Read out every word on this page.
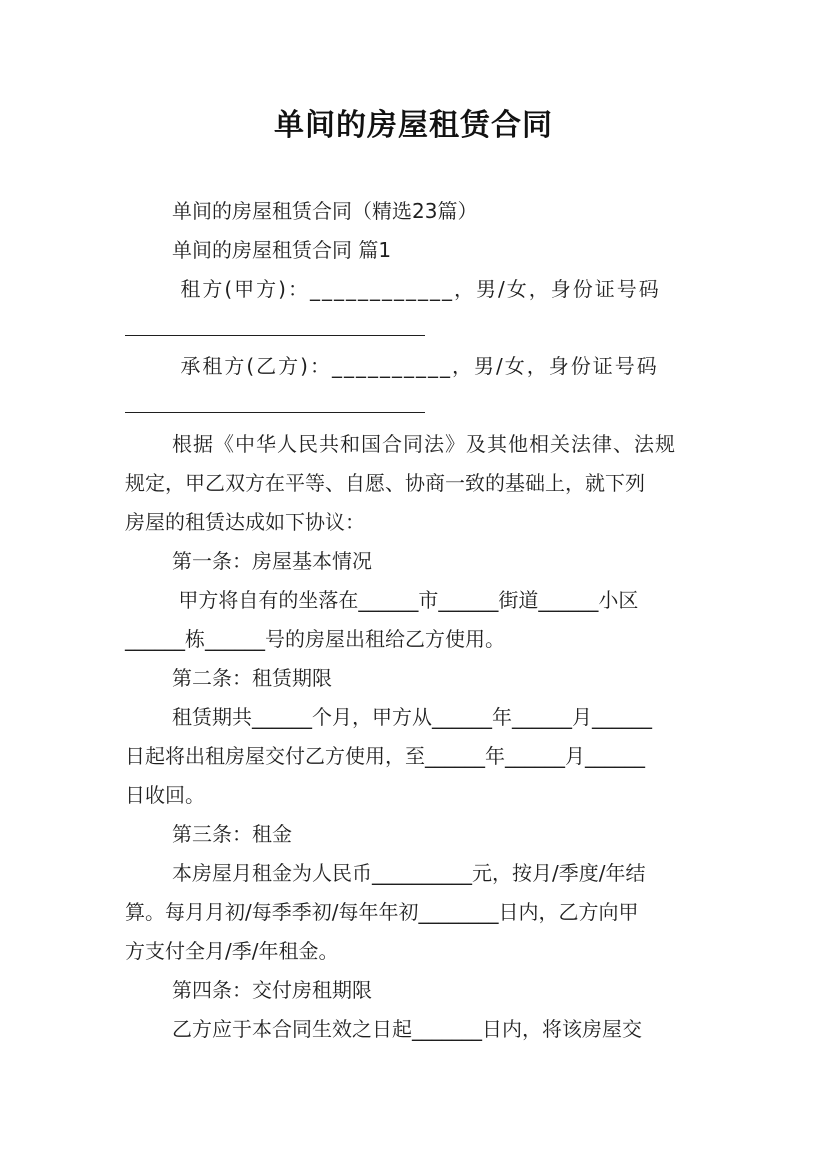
单间的房屋租赁合同
单间的房屋租赁合同（精选23篇）
单间的房屋租赁合同 篇1
租方(甲方)：____________，男/女，身份证号码
承租方(乙方)：__________，男/女，身份证号码
根据《中华人民共和国合同法》及其他相关法律、法规
规定，甲乙双方在平等、自愿、协商一致的基础上，就下列
房屋的租赁达成如下协议：
第一条：房屋基本情况
甲方将自有的坐落在______市______街道______小区
______栋______号的房屋出租给乙方使用。
第二条：租赁期限
租赁期共______个月，甲方从______年______月______
日起将出租房屋交付乙方使用，至______年______月______
日收回。
第三条：租金
本房屋月租金为人民币__________元，按月/季度/年结
算。每月月初/每季季初/每年年初________日内，乙方向甲
方支付全月/季/年租金。
第四条：交付房租期限
乙方应于本合同生效之日起_______日内，将该房屋交
